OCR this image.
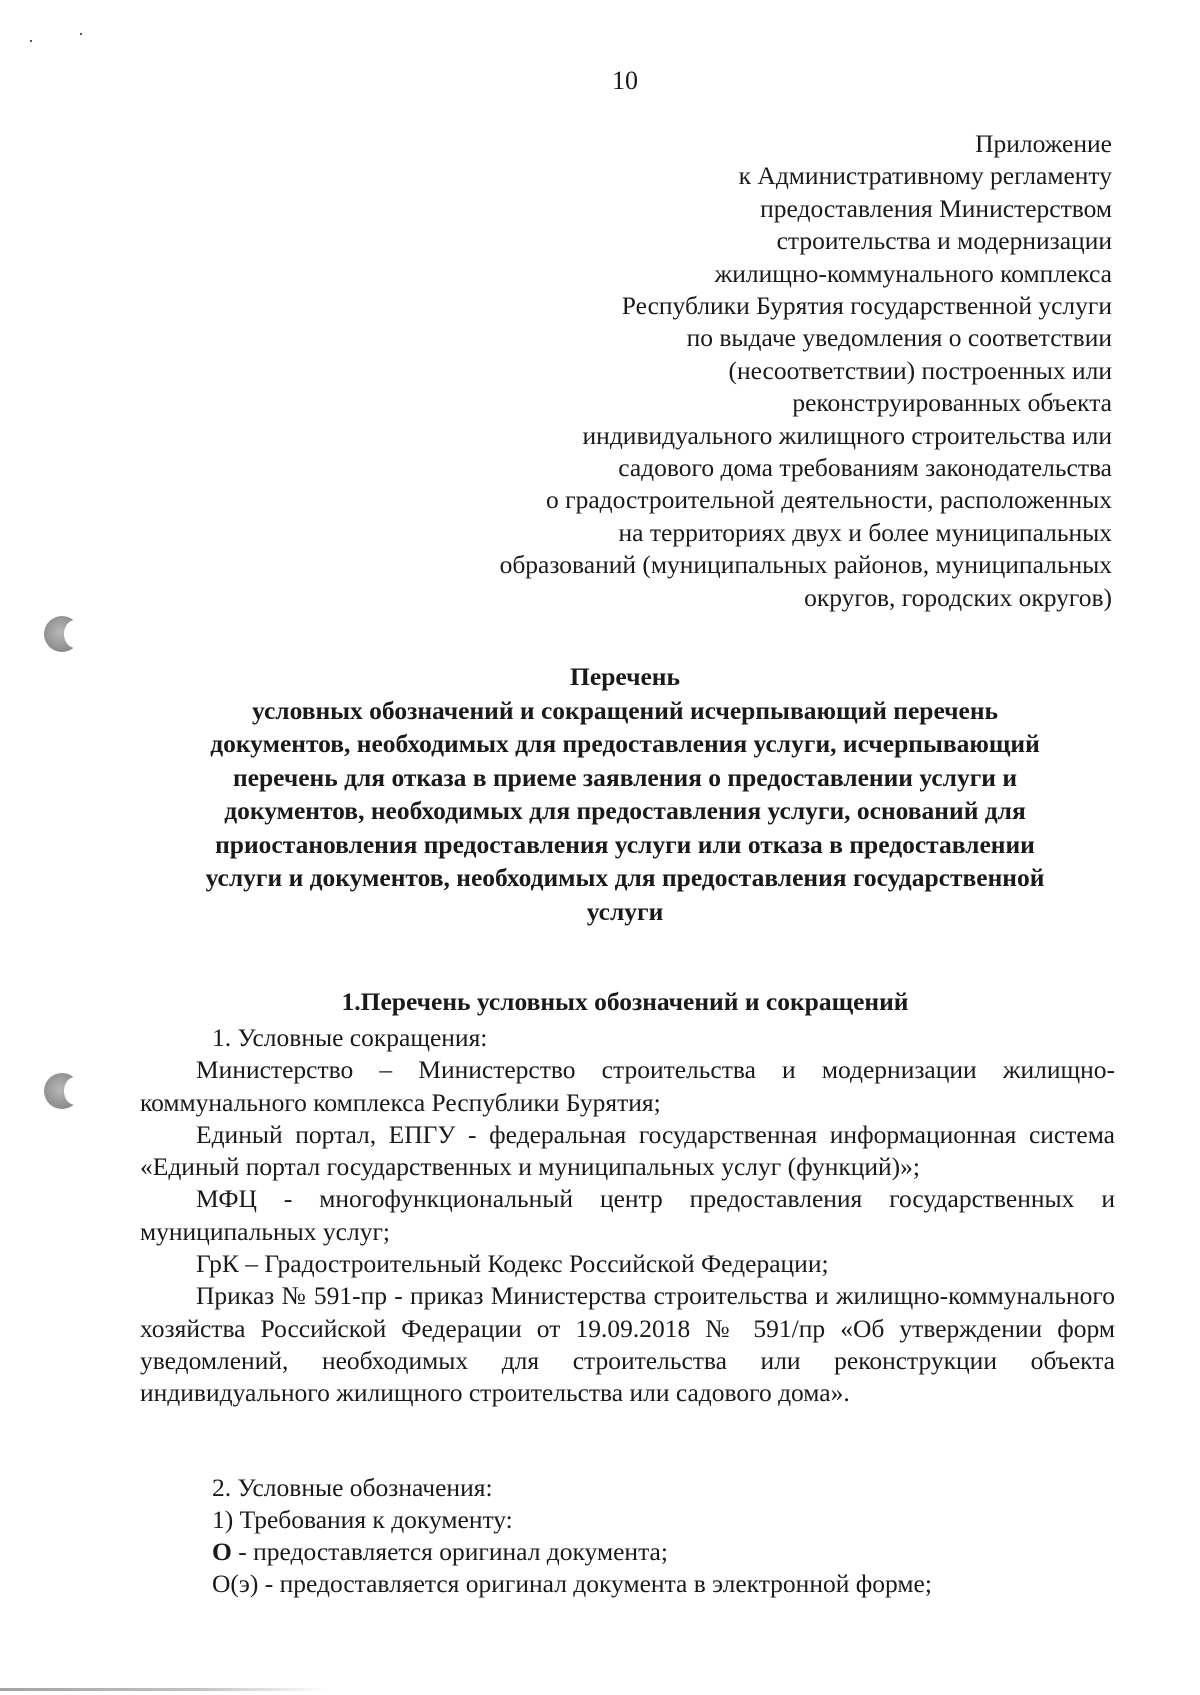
10
Приложение
к Административному регламенту
предоставления Министерством
строительства и модернизации
жилищно-коммунального комплекса
Республики Бурятия государственной услуги
по выдаче уведомления о соответствии
(несоответствии) построенных или
реконструированных объекта
индивидуального жилищного строительства или
садового дома требованиям законодательства
о градостроительной деятельности, расположенных
на территориях двух и более муниципальных
образований (муниципальных районов, муниципальных
округов, городских округов)
Перечень
условных обозначений и сокращений исчерпывающий перечень
документов, необходимых для предоставления услуги, исчерпывающий
перечень для отказа в приеме заявления о предоставлении услуги и
документов, необходимых для предоставления услуги, оснований для
приостановления предоставления услуги или отказа в предоставлении
услуги и документов, необходимых для предоставления государственной
услуги
1.Перечень условных обозначений и сокращений

1. Условные сокращения:

Министерство – Министерство строительства и модернизации жилищно-коммунального комплекса Республики Бурятия;

Единый портал, ЕПГУ - федеральная государственная информационная система «Единый портал государственных и муниципальных услуг (функций)»;

МФЦ - многофункциональный центр предоставления государственных и муниципальных услуг;

ГрК – Градостроительный Кодекс Российской Федерации;

Приказ № 591-пр - приказ Министерства строительства и жилищно-коммунального хозяйства Российской Федерации от 19.09.2018 № 591/пр «Об утверждении форм уведомлений, необходимых для строительства или реконструкции объекта индивидуального жилищного строительства или садового дома».

2. Условные обозначения:

1) Требования к документу:

О - предоставляется оригинал документа;

О(э) - предоставляется оригинал документа в электронной форме;
